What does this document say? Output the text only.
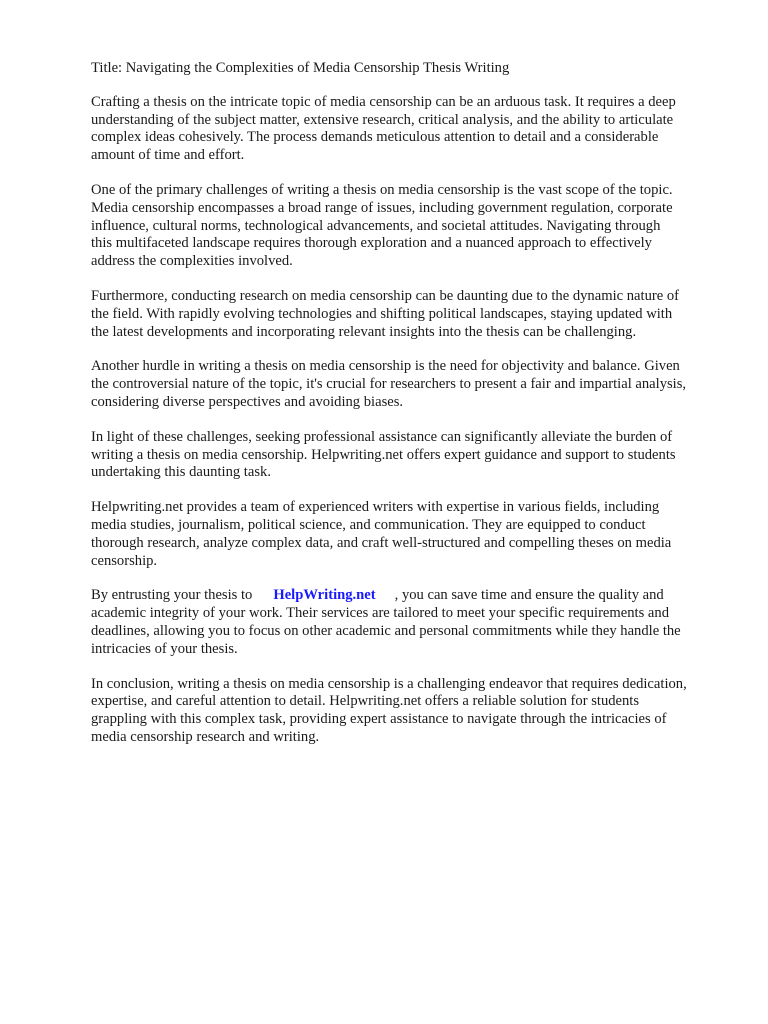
Title: Navigating the Complexities of Media Censorship Thesis Writing
Crafting a thesis on the intricate topic of media censorship can be an arduous task. It requires a deep
understanding of the subject matter, extensive research, critical analysis, and the ability to articulate
complex ideas cohesively. The process demands meticulous attention to detail and a considerable
amount of time and effort.
One of the primary challenges of writing a thesis on media censorship is the vast scope of the topic.
Media censorship encompasses a broad range of issues, including government regulation, corporate
influence, cultural norms, technological advancements, and societal attitudes. Navigating through
this multifaceted landscape requires thorough exploration and a nuanced approach to effectively
address the complexities involved.
Furthermore, conducting research on media censorship can be daunting due to the dynamic nature of
the field. With rapidly evolving technologies and shifting political landscapes, staying updated with
the latest developments and incorporating relevant insights into the thesis can be challenging.
Another hurdle in writing a thesis on media censorship is the need for objectivity and balance. Given
the controversial nature of the topic, it's crucial for researchers to present a fair and impartial analysis,
considering diverse perspectives and avoiding biases.
In light of these challenges, seeking professional assistance can significantly alleviate the burden of
writing a thesis on media censorship. Helpwriting.net offers expert guidance and support to students
undertaking this daunting task.
Helpwriting.net provides a team of experienced writers with expertise in various fields, including
media studies, journalism, political science, and communication. They are equipped to conduct
thorough research, analyze complex data, and craft well-structured and compelling theses on media
censorship.
By entrusting your thesis to HelpWriting.net , you can save time and ensure the quality and
academic integrity of your work. Their services are tailored to meet your specific requirements and
deadlines, allowing you to focus on other academic and personal commitments while they handle the
intricacies of your thesis.
In conclusion, writing a thesis on media censorship is a challenging endeavor that requires dedication,
expertise, and careful attention to detail. Helpwriting.net offers a reliable solution for students
grappling with this complex task, providing expert assistance to navigate through the intricacies of
media censorship research and writing.
